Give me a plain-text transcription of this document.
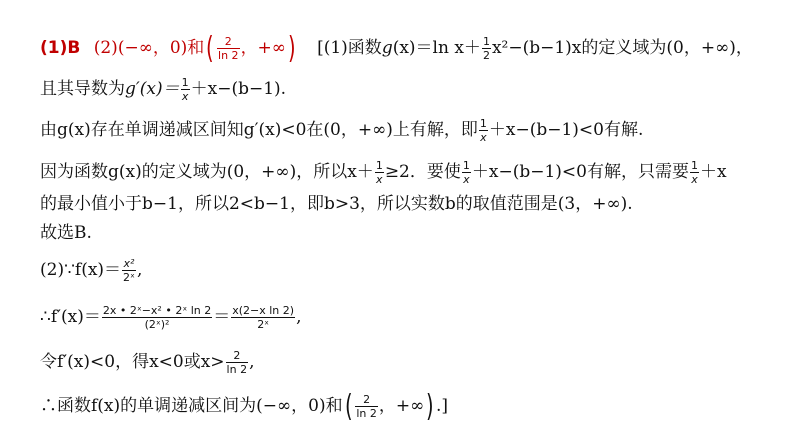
(1)B (2)(−∞，0)和( $\frac{2}{\ln 2}$ ，+∞) [(1)函数g(x)＝ln $x+ \frac{1}{2} x^2-(b-1)x$的定义域为(0，+∞)，
且其导数为$g'(x)= \frac{1}{x} +x-(b-1)$.
由g(x)存在单调递减区间知g′(x)<0在(0，+∞)上有解，即 $\frac{1}{x} +x-(b-1)<0$有解.
因为函数g(x)的定义域为(0，+∞)，所以$x+ \frac{1}{x} \ge 2$．要使 $\frac{1}{x} +x-(b-1)<0$有解，只需要 $\frac{1}{x} +x$
的最小值小于b−1，所以2<b−1，即b>3，所以实数b的取值范围是(3，+∞).
故选B.
(2)∵f(x)＝ $\frac{\text{x²}}{\text{2ˣ}}$ ,
∴f′(x)＝ $\frac{\text{2x • 2ˣ−x² • 2ˣ ln 2}}{\text{(2ˣ)²}} = \frac{\text{x(2−x ln 2)}}{\text{2ˣ}}$ ,
令f′(x)<0，得x<0或$x> \frac{2}{\ln 2}$ ,
∴函数f(x)的单调递减区间为(−∞，0)和( $\frac{2}{\ln 2}$ ，+∞) .]
